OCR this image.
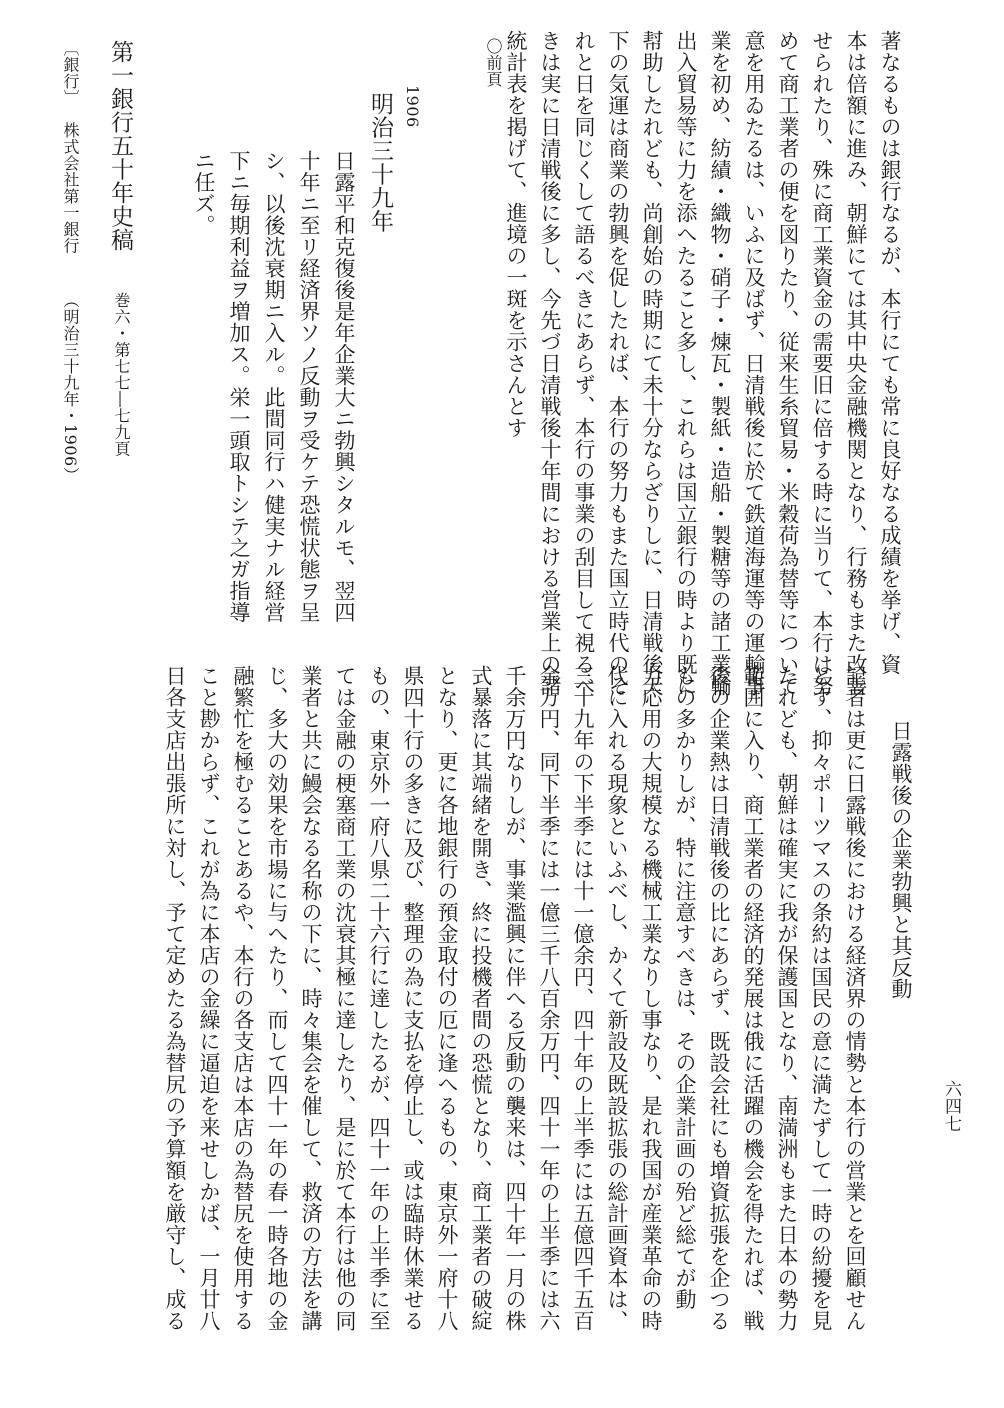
著なるものは銀行なるが、本行にても常に良好なる成績を挙げ、資
本は倍額に進み、朝鮮にては其中央金融機関となり、行務もまた改善
せられたり、殊に商工業資金の需要旧に倍する時に当りて、本行は努
めて商工業者の便を図りたり、従来生糸貿易・米穀荷為替等について
意を用ゐたるは、いふに及ばず、日清戦後に於て鉄道海運等の運輸事
業を初め、紡績・織物・硝子・煉瓦・製紙・造船・製糖等の諸工業輸
出入貿易等に力を添へたること多し、これらは国立銀行の時より既に
幇助したれども、尚創始の時期にて未十分ならざりしに、日清戦後天
下の気運は商業の勃興を促したれば、本行の努力もまた国立時代のそ
れと日を同じくして語るべきにあらず、本行の事業の刮目して視るべ
きは実に日清戦後に多し、今先づ日清戦後十年間における営業上の諸
統計表を掲げて、進境の一斑を示さんとす
〇前頁
1906
明治三十九年
日露平和克復後是年企業大ニ勃興シタルモ、翌四
十年ニ至リ経済界ソノ反動ヲ受ケテ恐慌状態ヲ呈
シ、以後沈衰期ニ入ル。此間同行ハ健実ナル経営
下ニ毎期利益ヲ増加ス。栄一頭取トシテ之ガ指導
ニ任ズ。
第一銀行五十年史稿
巻六・第七七―七九頁
〔銀行〕
株式会社第一銀行
（明治三十九年・1906）
日露戦後の企業勃興と其反動
六四七
記者は更に日露戦後における経済界の情勢と本行の営業とを回顧せん
とす、抑々ポーツマスの条約は国民の意に満たずして一時の紛擾を見
たれども、朝鮮は確実に我が保護国となり、南満洲もまた日本の勢力
範囲に入り、商工業者の経済的発展は俄に活躍の機会を得たれば、戦
後の企業熱は日清戦後の比にあらず、既設会社にも増資拡張を企つる
もの多かりしが、特に注意すべきは、その企業計画の殆ど総てが動
力応用の大規模なる機械工業なりし事なり、是れ我国が産業革命の時
代に入れる現象といふべし、かくて新設及既設拡張の総計画資本は、
三十九年の下半季には十一億余円、四十年の上半季には五億四千五百
余万円、同下半季には一億三千八百余万円、四十一年の上半季には六
千余万円なりしが、事業濫興に伴へる反動の襲来は、四十年一月の株
式暴落に其端緒を開き、終に投機者間の恐慌となり、商工業者の破綻
となり、更に各地銀行の預金取付の厄に逢へるもの、東京外一府十八
県四十行の多きに及び、整理の為に支払を停止し、或は臨時休業せる
もの、東京外一府八県二十六行に達したるが、四十一年の上半季に至
ては金融の梗塞商工業の沈衰其極に達したり、是に於て本行は他の同
業者と共に鰻会なる名称の下に、時々集会を催して、救済の方法を講
じ、多大の効果を市場に与へたり、而して四十一年の春一時各地の金
融繁忙を極むることあるや、本行の各支店は本店の為替尻を使用する
こと尠からず、これが為に本店の金繰に逼迫を来せしかば、一月廿八
日各支店出張所に対し、予て定めたる為替尻の予算額を厳守し、成る
